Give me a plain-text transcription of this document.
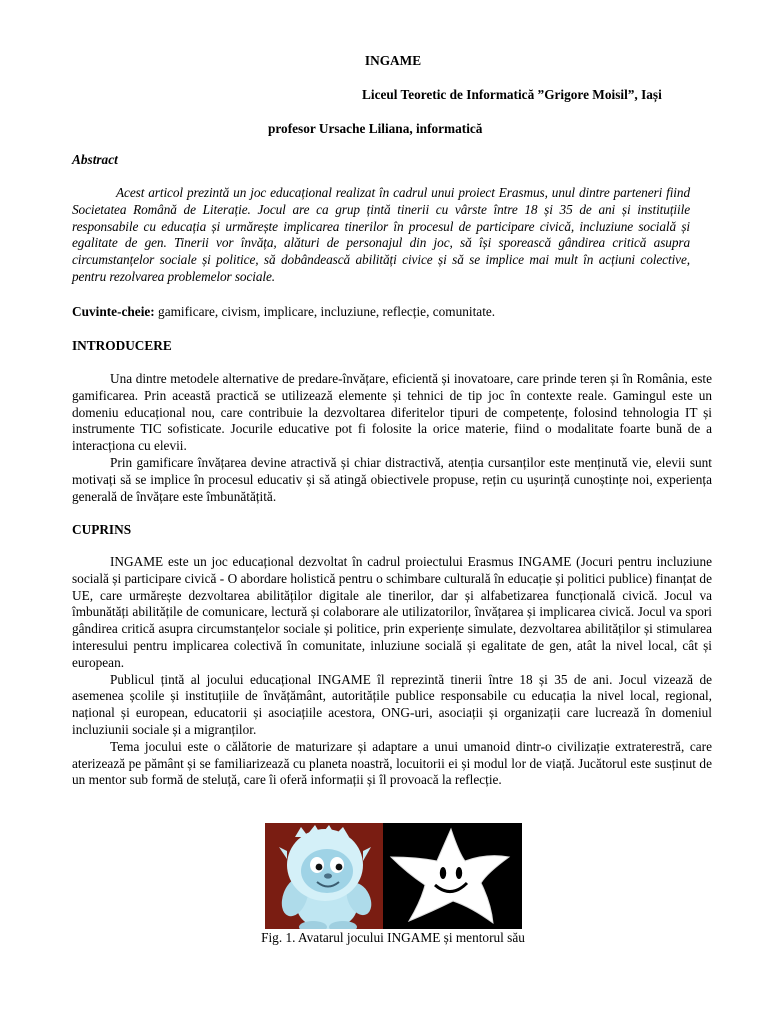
INGAME
Liceul Teoretic de Informatică ”Grigore Moisil”, Iași
profesor Ursache Liliana, informatică
Abstract
Acest articol prezintă un joc educațional realizat în cadrul unui proiect Erasmus, unul dintre parteneri fiind Societatea Română de Literație. Jocul are ca grup țintă tinerii cu vârste între 18 și 35 de ani și instituțiile responsabile cu educația și urmărește implicarea tinerilor în procesul de participare civică, incluziune socială și egalitate de gen. Tinerii vor învăța, alături de personajul din joc, să își sporească gândirea critică asupra circumstanțelor sociale și politice, să dobândească abilități civice și să se implice mai mult în acțiuni colective, pentru rezolvarea problemelor sociale.
Cuvinte-cheie: gamificare, civism, implicare, incluziune, reflecție, comunitate.
INTRODUCERE

Una dintre metodele alternative de predare-învățare, eficientă și inovatoare, care prinde teren și în România, este gamificarea. Prin această practică se utilizează elemente și tehnici de tip joc în contexte reale. Gamingul este un domeniu educațional nou, care contribuie la dezvoltarea diferitelor tipuri de competențe, folosind tehnologia IT și instrumente TIC sofisticate. Jocurile educative pot fi folosite la orice materie, fiind o modalitate foarte bună de a interacționa cu elevii.

Prin gamificare învățarea devine atractivă și chiar distractivă, atenția cursanților este menținută vie, elevii sunt motivați să se implice în procesul educativ și să atingă obiectivele propuse, rețin cu ușurință cunoștințe noi, experiența generală de învățare este îmbunătățită.

CUPRINS

INGAME este un joc educațional dezvoltat în cadrul proiectului Erasmus INGAME (Jocuri pentru incluziune socială și participare civică - O abordare holistică pentru o schimbare culturală în educație și politici publice) finanțat de UE, care urmărește dezvoltarea abilităților digitale ale tinerilor, dar și alfabetizarea funcțională civică. Jocul va îmbunătăți abilitățile de comunicare, lectură și colaborare ale utilizatorilor, învățarea și implicarea civică. Jocul va spori gândirea critică asupra circumstanțelor sociale și politice, prin experiențe simulate, dezvoltarea abilităților și stimularea interesului pentru implicarea colectivă în comunitate, inluziune socială și egalitate de gen, atât la nivel local, cât și european.

Publicul țintă al jocului educațional INGAME îl reprezintă tinerii între 18 și 35 de ani. Jocul vizează de asemenea școlile și instituțiile de învățământ, autoritățile publice responsabile cu educația la nivel local, regional, național și european, educatorii și asociațiile acestora, ONG-uri, asociații și organizații care lucrează în domeniul incluziunii sociale și a migranților.

Tema jocului este o călătorie de maturizare și adaptare a unui umanoid dintr-o civilizație extraterestră, care aterizează pe pământ și se familiarizează cu planeta noastră, locuitorii ei și modul lor de viață. Jucătorul este susținut de un mentor sub formă de steluță, care îi oferă informații și îl provoacă la reflecție.

Fig. 1. Avatarul jocului INGAME și mentorul său
